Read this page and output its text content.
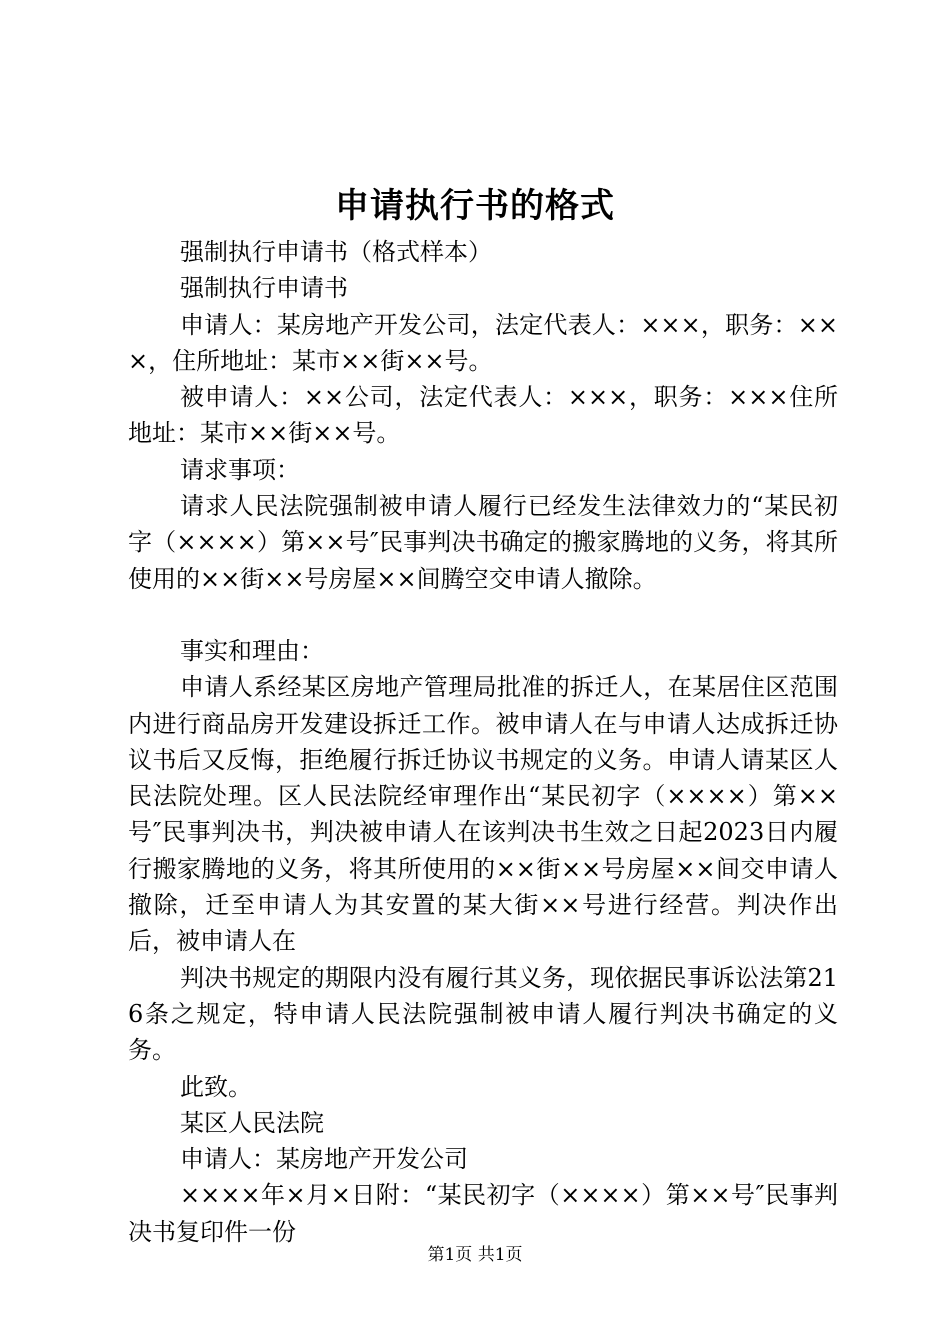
申请执行书的格式

强制执行申请书（格式样本）

强制执行申请书

申请人：某房地产开发公司，法定代表人：×××，职务：×××，住所地址：某市××街××号。

被申请人：××公司，法定代表人：×××，职务：×××住所地址：某市××街××号。

请求事项：

请求人民法院强制被申请人履行已经发生法律效力的“某民初字（××××）第××号″民事判决书确定的搬家腾地的义务，将其所使用的××街××号房屋××间腾空交申请人撤除。

事实和理由：

申请人系经某区房地产管理局批准的拆迁人，在某居住区范围内进行商品房开发建设拆迁工作。被申请人在与申请人达成拆迁协议书后又反悔，拒绝履行拆迁协议书规定的义务。申请人请某区人民法院处理。区人民法院经审理作出“某民初字（××××）第××号″民事判决书，判决被申请人在该判决书生效之日起2023日内履行搬家腾地的义务，将其所使用的××街××号房屋××间交申请人撤除，迁至申请人为其安置的某大街××号进行经营。判决作出后，被申请人在

判决书规定的期限内没有履行其义务，现依据民事诉讼法第216条之规定，特申请人民法院强制被申请人履行判决书确定的义务。

此致。

某区人民法院

申请人：某房地产开发公司

××××年×月×日附：“某民初字（××××）第××号″民事判决书复印件一份

第1页 共1页
